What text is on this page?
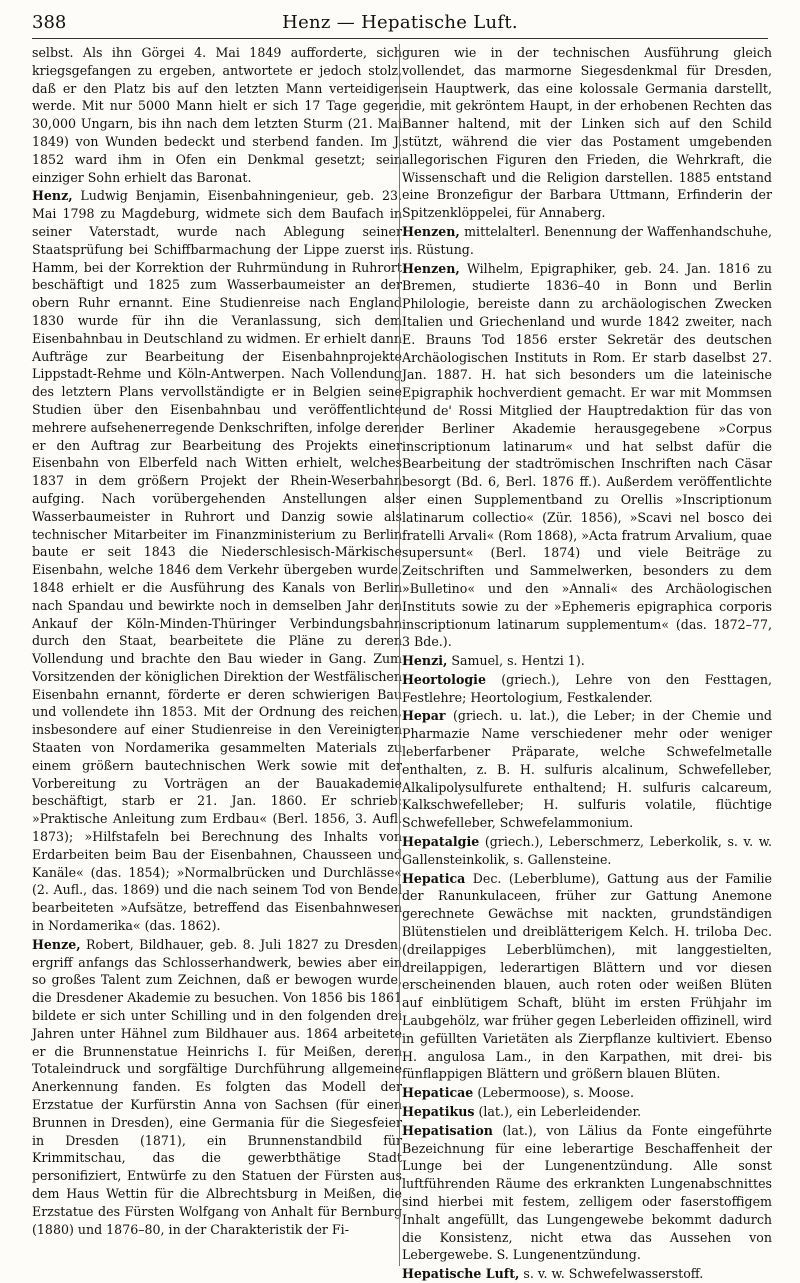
388	Henz — Hepatische Luft.

selbst. Als ihn Görgei 4. Mai 1849 aufforderte, sich kriegsgefangen zu ergeben, antwortete er jedoch stolz, daß er den Platz bis auf den letzten Mann verteidigen werde. Mit nur 5000 Mann hielt er sich 17 Tage gegen 30,000 Ungarn, bis ihn nach dem letzten Sturm (21. Mai 1849) von Wunden bedeckt und sterbend fanden. Im J. 1852 ward ihm in Ofen ein Denkmal gesetzt; sein einziger Sohn erhielt das Baronat.

Henz, Ludwig Benjamin, Eisenbahningenieur, geb. 23. Mai 1798 zu Magdeburg, widmete sich dem Baufach in seiner Vaterstadt, wurde nach Ablegung seiner Staatsprüfung bei Schiffbarmachung der Lippe zuerst in Hamm, bei der Korrektion der Ruhrmündung in Ruhrort beschäftigt und 1825 zum Wasserbaumeister an der obern Ruhr ernannt. Eine Studienreise nach England 1830 wurde für ihn die Veranlassung, sich dem Eisenbahnbau in Deutschland zu widmen. Er erhielt dann Aufträge zur Bearbeitung der Eisenbahnprojekte Lippstadt-Rehme und Köln-Antwerpen. Nach Vollendung des letztern Plans vervollständigte er in Belgien seine Studien über den Eisenbahnbau und veröffentlichte mehrere aufsehenerregende Denkschriften, infolge deren er den Auftrag zur Bearbeitung des Projekts einer Eisenbahn von Elberfeld nach Witten erhielt, welches 1837 in dem größern Projekt der Rhein-Weserbahn aufging. Nach vorübergehenden Anstellungen als Wasserbaumeister in Ruhrort und Danzig sowie als technischer Mitarbeiter im Finanzministerium zu Berlin baute er seit 1843 die Niederschlesisch-Märkische Eisenbahn, welche 1846 dem Verkehr übergeben wurde. 1848 erhielt er die Ausführung des Kanals von Berlin nach Spandau und bewirkte noch in demselben Jahr den Ankauf der Köln-Minden-Thüringer Verbindungsbahn durch den Staat, bearbeitete die Pläne zu deren Vollendung und brachte den Bau wieder in Gang. Zum Vorsitzenden der königlichen Direktion der Westfälischen Eisenbahn ernannt, förderte er deren schwierigen Bau und vollendete ihn 1853. Mit der Ordnung des reichen, insbesondere auf einer Studienreise in den Vereinigten Staaten von Nordamerika gesammelten Materials zu einem größern bautechnischen Werk sowie mit der Vorbereitung zu Vorträgen an der Bauakademie beschäftigt, starb er 21. Jan. 1860. Er schrieb: »Praktische Anleitung zum Erdbau« (Berl. 1856, 3. Aufl. 1873); »Hilfstafeln bei Berechnung des Inhalts von Erdarbeiten beim Bau der Eisenbahnen, Chausseen und Kanäle« (das. 1854); »Normalbrücken und Durchlässe« (2. Aufl., das. 1869) und die nach seinem Tod von Bendel bearbeiteten »Aufsätze, betreffend das Eisenbahnwesen in Nordamerika« (das. 1862).

Henze, Robert, Bildhauer, geb. 8. Juli 1827 zu Dresden, ergriff anfangs das Schlosserhandwerk, bewies aber ein so großes Talent zum Zeichnen, daß er bewogen wurde, die Dresdener Akademie zu besuchen. Von 1856 bis 1861 bildete er sich unter Schilling und in den folgenden drei Jahren unter Hähnel zum Bildhauer aus. 1864 arbeitete er die Brunnenstatue Heinrichs I. für Meißen, deren Totaleindruck und sorgfältige Durchführung allgemeine Anerkennung fanden. Es folgten das Modell der Erzstatue der Kurfürstin Anna von Sachsen (für einen Brunnen in Dresden), eine Germania für die Siegesfeier in Dresden (1871), ein Brunnenstandbild für Krimmitschau, das die gewerbthätige Stadt personifiziert, Entwürfe zu den Statuen der Fürsten aus dem Haus Wettin für die Albrechtsburg in Meißen, die Erzstatue des Fürsten Wolfgang von Anhalt für Bernburg (1880) und 1876–80, in der Charakteristik der Fi-

guren wie in der technischen Ausführung gleich vollendet, das marmorne Siegesdenkmal für Dresden, sein Hauptwerk, das eine kolossale Germania darstellt, die, mit gekröntem Haupt, in der erhobenen Rechten das Banner haltend, mit der Linken sich auf den Schild stützt, während die vier das Postament umgebenden allegorischen Figuren den Frieden, die Wehrkraft, die Wissenschaft und die Religion darstellen. 1885 entstand eine Bronzefigur der Barbara Uttmann, Erfinderin der Spitzenklöppelei, für Annaberg.

Henzen, mittelalterl. Benennung der Waffenhandschuhe, s. Rüstung.

Henzen, Wilhelm, Epigraphiker, geb. 24. Jan. 1816 zu Bremen, studierte 1836–40 in Bonn und Berlin Philologie, bereiste dann zu archäologischen Zwecken Italien und Griechenland und wurde 1842 zweiter, nach E. Brauns Tod 1856 erster Sekretär des deutschen Archäologischen Instituts in Rom. Er starb daselbst 27. Jan. 1887. H. hat sich besonders um die lateinische Epigraphik hochverdient gemacht. Er war mit Mommsen und de' Rossi Mitglied der Hauptredaktion für das von der Berliner Akademie herausgegebene »Corpus inscriptionum latinarum« und hat selbst dafür die Bearbeitung der stadtrömischen Inschriften nach Cäsar besorgt (Bd. 6, Berl. 1876 ff.). Außerdem veröffentlichte er einen Supplementband zu Orellis »Inscriptionum latinarum collectio« (Zür. 1856), »Scavi nel bosco dei fratelli Arvali« (Rom 1868), »Acta fratrum Arvalium, quae supersunt« (Berl. 1874) und viele Beiträge zu Zeitschriften und Sammelwerken, besonders zu dem »Bulletino« und den »Annali« des Archäologischen Instituts sowie zu der »Ephemeris epigraphica corporis inscriptionum latinarum supplementum« (das. 1872–77, 3 Bde.).

Henzi, Samuel, s. Hentzi 1).

Heortologie (griech.), Lehre von den Festtagen, Festlehre; Heortologium, Festkalender.

Hepar (griech. u. lat.), die Leber; in der Chemie und Pharmazie Name verschiedener mehr oder weniger leberfarbener Präparate, welche Schwefelmetalle enthalten, z. B. H. sulfuris alcalinum, Schwefelleber, Alkalipolysulfurete enthaltend; H. sulfuris calcareum, Kalkschwefelleber; H. sulfuris volatile, flüchtige Schwefelleber, Schwefelammonium.

Hepatalgie (griech.), Leberschmerz, Leberkolik, s. v. w. Gallensteinkolik, s. Gallensteine.

Hepatica Dec. (Leberblume), Gattung aus der Familie der Ranunkulaceen, früher zur Gattung Anemone gerechnete Gewächse mit nackten, grundständigen Blütenstielen und dreiblätterigem Kelch. H. triloba Dec. (dreilappiges Leberblümchen), mit langgestielten, dreilappigen, lederartigen Blättern und vor diesen erscheinenden blauen, auch roten oder weißen Blüten auf einblütigem Schaft, blüht im ersten Frühjahr im Laubgehölz, war früher gegen Leberleiden offizinell, wird in gefüllten Varietäten als Zierpflanze kultiviert. Ebenso H. angulosa Lam., in den Karpathen, mit drei- bis fünflappigen Blättern und größern blauen Blüten.

Hepaticae (Lebermoose), s. Moose.

Hepatikus (lat.), ein Leberleidender.

Hepatisation (lat.), von Lälius da Fonte eingeführte Bezeichnung für eine leberartige Beschaffenheit der Lunge bei der Lungenentzündung. Alle sonst luftführenden Räume des erkrankten Lungenabschnittes sind hierbei mit festem, zelligem oder faserstoffigem Inhalt angefüllt, das Lungengewebe bekommt dadurch die Konsistenz, nicht etwa das Aussehen von Lebergewebe. S. Lungenentzündung.

Hepatische Luft, s. v. w. Schwefelwasserstoff.
